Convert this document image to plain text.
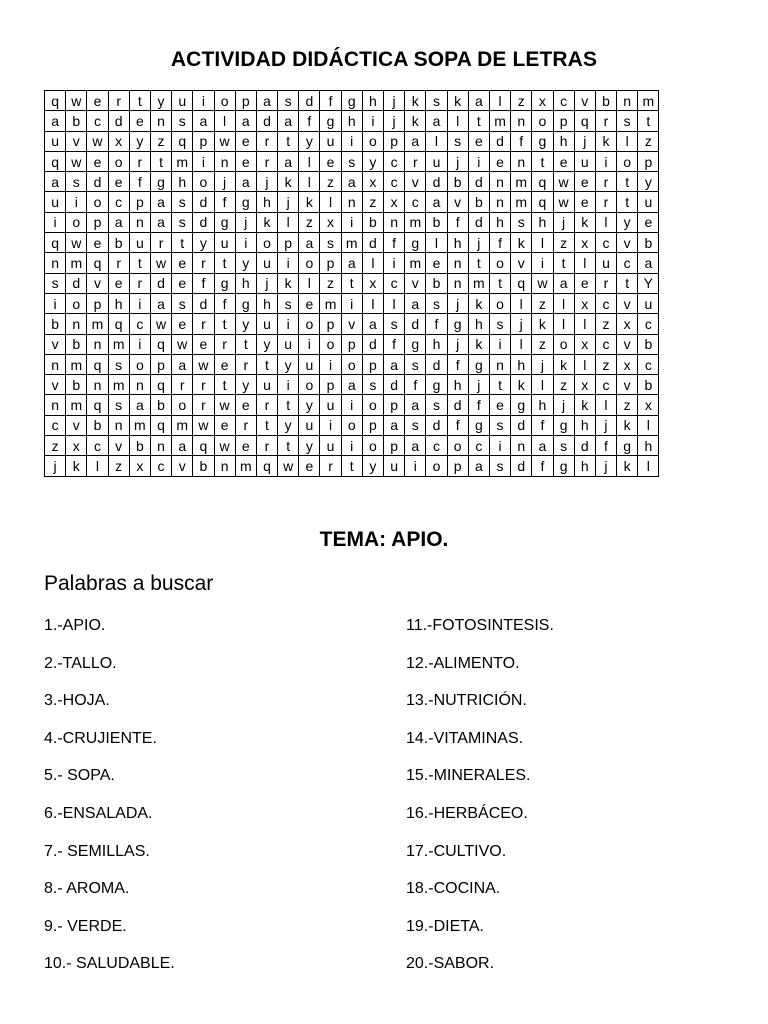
ACTIVIDAD DIDÁCTICA SOPA DE LETRAS
q	w	e	r	t	y	u	i	o	p	a	s	d	f	g	h	j	k	s	k	a	l	z	x	c	v	b	n	m
a	b	c	d	e	n	s	a	l	a	d	a	f	g	h	i	j	k	a	l	t	m	n	o	p	q	r	s	t
u	v	w	x	y	z	q	p	w	e	r	t	y	u	i	o	p	a	l	s	e	d	f	g	h	j	k	l	z
q	w	e	o	r	t	m	i	n	e	r	a	l	e	s	y	c	r	u	j	i	e	n	t	e	u	i	o	p
a	s	d	e	f	g	h	o	j	a	j	k	l	z	a	x	c	v	d	b	d	n	m	q	w	e	r	t	y
u	i	o	c	p	a	s	d	f	g	h	j	k	l	n	z	x	c	a	v	b	n	m	q	w	e	r	t	u
i	o	p	a	n	a	s	d	g	j	k	l	z	x	i	b	n	m	b	f	d	h	s	h	j	k	l	y	e
q	w	e	b	u	r	t	y	u	i	o	p	a	s	m	d	f	g	l	h	j	f	k	l	z	x	c	v	b
n	m	q	r	t	w	e	r	t	y	u	i	o	p	a	l	i	m	e	n	t	o	v	i	t	l	u	c	a
s	d	v	e	r	d	e	f	g	h	j	k	l	z	t	x	c	v	b	n	m	t	q	w	a	e	r	t	Y
i	o	p	h	i	a	s	d	f	g	h	s	e	m	i	l	l	a	s	j	k	o	l	z	l	x	c	v	u
b	n	m	q	c	w	e	r	t	y	u	i	o	p	v	a	s	d	f	g	h	s	j	k	l	l	z	x	c
v	b	n	m	i	q	w	e	r	t	y	u	i	o	p	d	f	g	h	j	k	i	l	z	o	x	c	v	b
n	m	q	s	o	p	a	w	e	r	t	y	u	i	o	p	a	s	d	f	g	n	h	j	k	l	z	x	c
v	b	n	m	n	q	r	r	t	y	u	i	o	p	a	s	d	f	g	h	j	t	k	l	z	x	c	v	b
n	m	q	s	a	b	o	r	w	e	r	t	y	u	i	o	p	a	s	d	f	e	g	h	j	k	l	z	x
c	v	b	n	m	q	m	w	e	r	t	y	u	i	o	p	a	s	d	f	g	s	d	f	g	h	j	k	l
z	x	c	v	b	n	a	q	w	e	r	t	y	u	i	o	p	a	c	o	c	i	n	a	s	d	f	g	h
j	k	l	z	x	c	v	b	n	m	q	w	e	r	t	y	u	i	o	p	a	s	d	f	g	h	j	k	l
TEMA: APIO.
Palabras a buscar
1.-APIO.
2.-TALLO.
3.-HOJA.
4.-CRUJIENTE.
5.- SOPA.
6.-ENSALADA.
7.- SEMILLAS.
8.- AROMA.
9.- VERDE.
10.- SALUDABLE.
11.-FOTOSINTESIS.
12.-ALIMENTO.
13.-NUTRICIÓN.
14.-VITAMINAS.
15.-MINERALES.
16.-HERBÁCEO.
17.-CULTIVO.
18.-COCINA.
19.-DIETA.
20.-SABOR.
